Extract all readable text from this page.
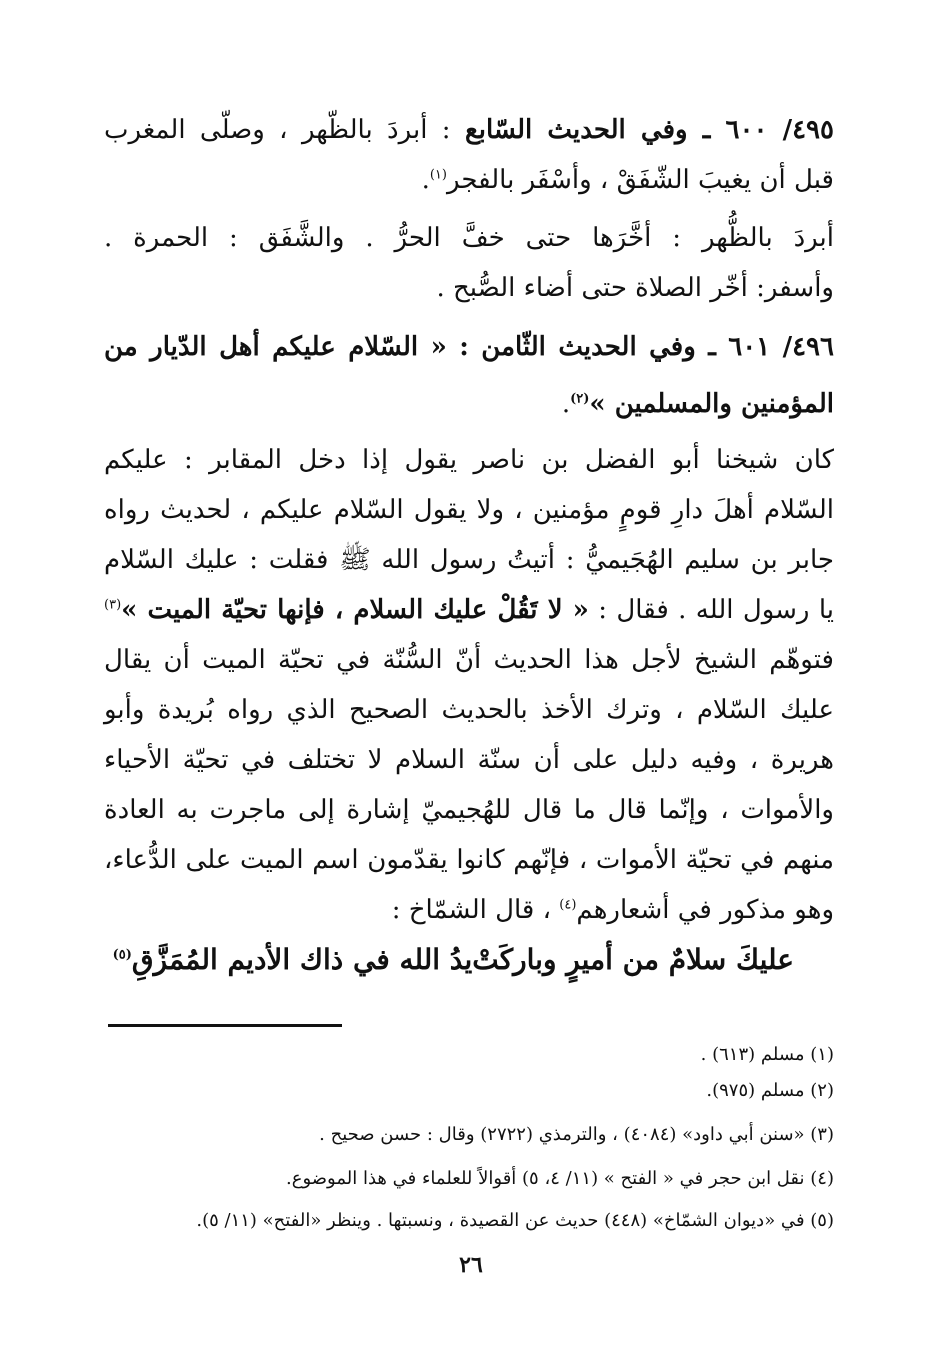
٤٩٥/ ٦٠٠ ـ وفي الحديث السّابع : أبردَ بالظّهر ، وصلّى المغرب
قبل أن يغيبَ الشّفَقْ ، وأسْفَر بالفجر$^{(١)}$.
أبردَ بالظُّهر : أخَّرَها حتى خفَّ الحرُّ . والشَّفَق : الحمرة .
وأسفر: أخّر الصلاة حتى أضاء الصُّبح .
٤٩٦/ ٦٠١ ـ وفي الحديث الثّامن : « السّلام عليكم أهل الدّيار من
المؤمنين والمسلمين »$^{(٢)}$.
كان شيخنا أبو الفضل بن ناصر يقول إذا دخل المقابر : عليكم
السّلام أهلَ دارِ قومٍ مؤمنين ، ولا يقول السّلام عليكم ، لحديث رواه
جابر بن سليم الهُجَيميُّ : أتيتُ رسول الله ﷺ فقلت : عليك السّلام
يا رسول الله . فقال : « لا تَقُلْ عليك السلام ، فإنها تحيّة الميت »$^{(٣)}$
فتوهّم الشيخ لأجل هذا الحديث أنّ السُّنّة في تحيّة الميت أن يقال
عليك السّلام ، وترك الأخذ بالحديث الصحيح الذي رواه بُريدة وأبو
هريرة ، وفيه دليل على أن سنّة السلام لا تختلف في تحيّة الأحياء
والأموات ، وإنّما قال ما قال للهُجيميّ إشارة إلى ماجرت به العادة
منهم في تحيّة الأموات ، فإنّهم كانوا يقدّمون اسم الميت على الدُّعاء،
وهو مذكور في أشعارهم$^{(٤)}$ ، قال الشمّاخ :
عليكَ سلامٌ من أميرٍ وباركَتْ
يدُ الله في ذاك الأديم المُمَزَّقِ$^{(٥)}$
(١) مسلم (٦١٣) .
(٢) مسلم (٩٧٥).
(٣) «سنن أبي داود» (٤٠٨٤) ، والترمذي (٢٧٢٢) وقال : حسن صحيح .
(٤) نقل ابن حجر في « الفتح » (١١/ ٤، ٥) أقوالاً للعلماء في هذا الموضوع.
(٥) في «ديوان الشمّاخ» (٤٤٨) حديث عن القصيدة ، ونسبتها . وينظر «الفتح» (١١/ ٥).
٢٦
